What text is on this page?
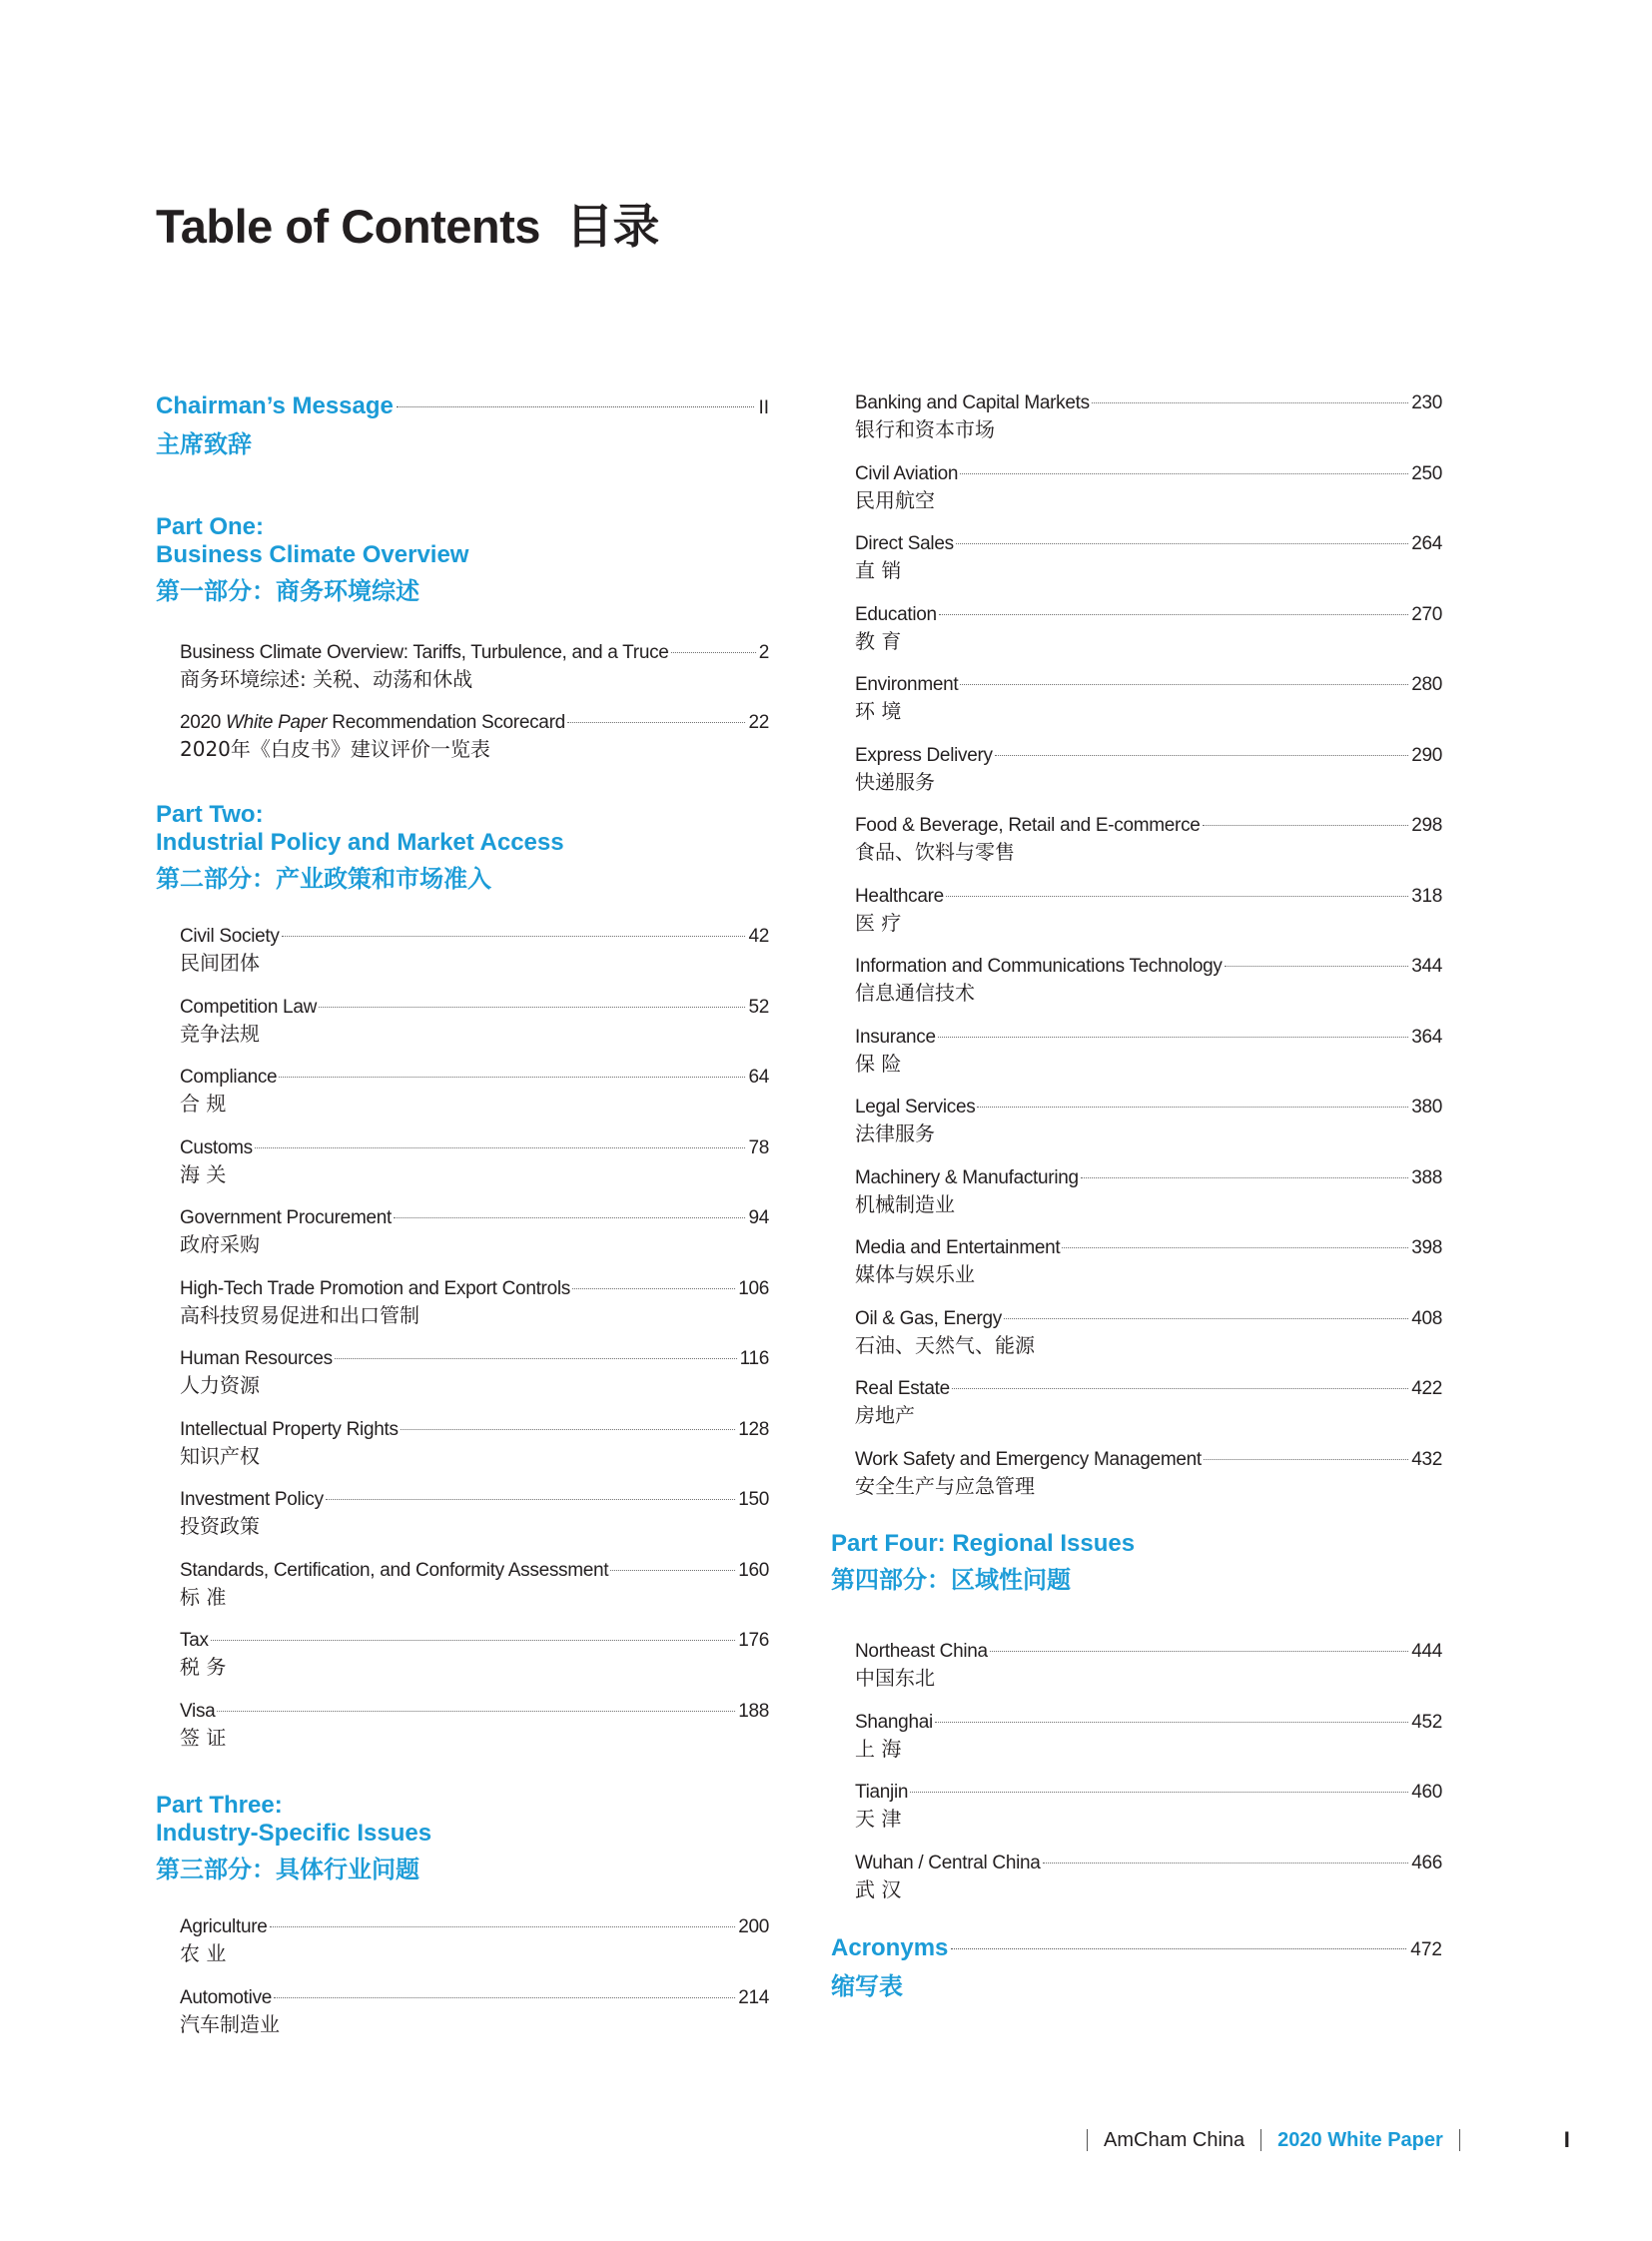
Table of Contents 目录
Chairman’s Message	II
主席致辞
Part One:
Business Climate Overview
第一部分：商务环境综述
Business Climate Overview: Tariffs, Turbulence, and a Truce	2
商务环境综述: 关税、动荡和休战
2020 White Paper Recommendation Scorecard	22
2020年《白皮书》建议评价一览表
Part Two:
Industrial Policy and Market Access
第二部分：产业政策和市场准入
Civil Society	42
民间团体
Competition Law	52
竞争法规
Compliance	64
合 规
Customs	78
海 关
Government Procurement	94
政府采购
High-Tech Trade Promotion and Export Controls	106
高科技贸易促进和出口管制
Human Resources	116
人力资源
Intellectual Property Rights	128
知识产权
Investment Policy	150
投资政策
Standards, Certification, and Conformity Assessment	160
标 准
Tax	176
税 务
Visa	188
签 证
Part Three:
Industry-Specific Issues
第三部分：具体行业问题
Agriculture	200
农 业
Automotive	214
汽车制造业
Banking and Capital Markets	230
银行和资本市场
Civil Aviation	250
民用航空
Direct Sales	264
直 销
Education	270
教 育
Environment	280
环 境
Express Delivery	290
快递服务
Food & Beverage, Retail and E-commerce	298
食品、饮料与零售
Healthcare	318
医 疗
Information and Communications Technology	344
信息通信技术
Insurance	364
保 险
Legal Services	380
法律服务
Machinery & Manufacturing	388
机械制造业
Media and Entertainment	398
媒体与娱乐业
Oil & Gas, Energy	408
石油、天然气、能源
Real Estate	422
房地产
Work Safety and Emergency Management	432
安全生产与应急管理
Part Four: Regional Issues
第四部分：区域性问题
Northeast China	444
中国东北
Shanghai	452
上 海
Tianjin	460
天 津
Wuhan / Central China	466
武 汉
Acronyms	472
缩写表
AmCham China 2020 White Paper	I
